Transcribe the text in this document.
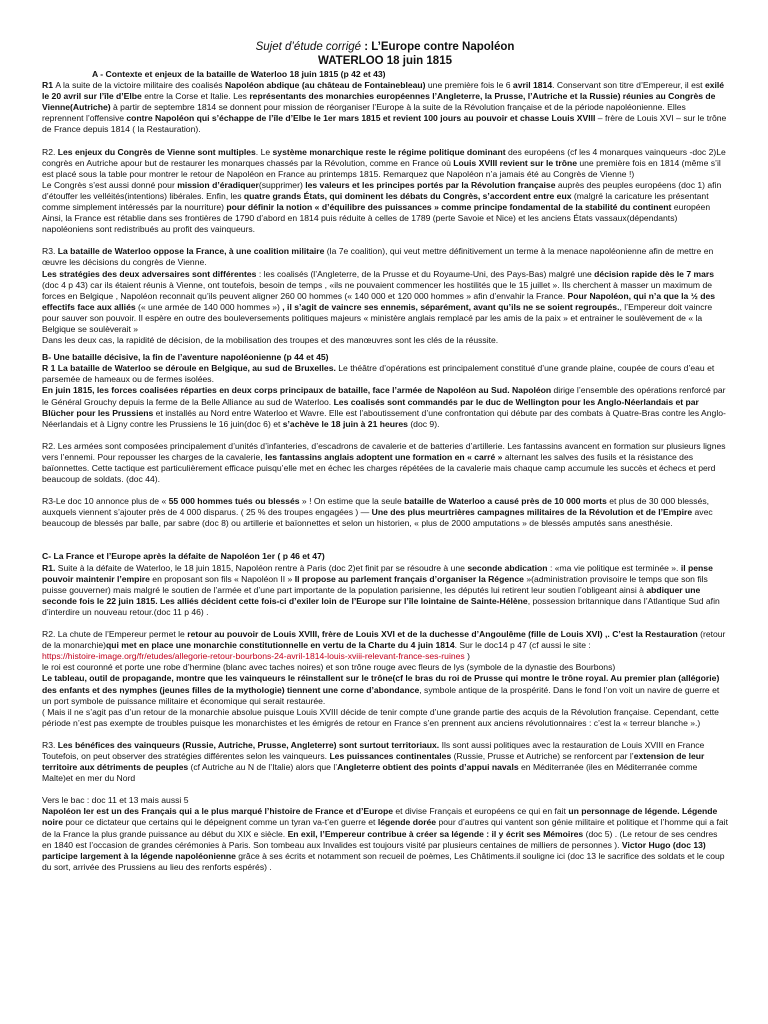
Sujet d’étude corrigé : L’Europe contre Napoléon
WATERLOO 18 juin 1815
A - Contexte et enjeux de la bataille de Waterloo 18 juin 1815 (p 42 et 43)

R1 A la suite de la victoire militaire des coalisés Napoléon abdique (au château de Fontainebleau) une première fois le 6 avril 1814. Conservant son titre d’Empereur, il est exilé le 20 avril sur l’île d’Elbe entre la Corse et Italie. Les représentants des monarchies européennes l’Angleterre, la Prusse, l’Autriche et la Russie) réunies au Congrès de Vienne(Autriche) à partir de septembre 1814 se donnent pour mission de réorganiser l’Europe à la suite de la Révolution française et de la période napoléonienne. Elles reprennent l’offensive contre Napoléon qui s’échappe de l’île d’Elbe le 1er mars 1815 et revient 100 jours au pouvoir et chasse Louis XVIII – frère de Louis XVI – sur le trône de France depuis 1814 ( la Restauration).

R2. Les enjeux du Congrès de Vienne sont multiples. Le système monarchique reste le régime politique dominant des européens (cf les 4 monarques vainqueurs -doc 2)Le congrès en Autriche apour but de restaurer les monarques chassés par la Révolution, comme en France où Louis XVIII revient sur le trône une première fois en 1814 (même s’il est placé sous la table pour montrer le retour de Napoléon en France au printemps 1815. Remarquez que Napoléon n’a jamais été au Congrès de Vienne !)

Le Congrès s’est aussi donné pour mission d’éradiquer(supprimer) les valeurs et les principes portés par la Révolution française auprès des peuples européens (doc 1) afin d’étouffer les velléités(intentions) libérales. Enfin, les quatre grands États, qui dominent les débats du Congrès, s’accordent entre eux (malgré la caricature les présentant comme simplement intéressés par la nourriture) pour définir la notion « d’équilibre des puissances » comme principe fondamental de la stabilité du continent européen Ainsi, la France est rétablie dans ses frontières de 1790 d’abord en 1814 puis réduite à celles de 1789 (perte Savoie et Nice) et les anciens États vassaux(dépendants) napoléoniens sont redistribués au profit des vainqueurs.

R3. La bataille de Waterloo oppose la France, à une coalition militaire (la 7e coalition), qui veut mettre définitivement un terme à la menace napoléonienne afin de mettre en œuvre les décisions du congrès de Vienne.

Les stratégies des deux adversaires sont différentes : les coalisés (l’Angleterre, de la Prusse et du Royaume-Uni, des Pays-Bas) malgré une décision rapide dès le 7 mars (doc 4 p 43) car ils étaient réunis à Vienne, ont toutefois, besoin de temps , «ils ne pouvaient commencer les hostilités que le 15 juillet ». Ils cherchent à masser un maximum de forces en Belgique , Napoléon reconnait qu’ils peuvent aligner 260 00 hommes (« 140 000 et 120 000 hommes » afin d’envahir la France. Pour Napoléon, qui n’a que la ½ des effectifs face aux alliés (« une armée de 140 000 hommes ») , il s’agit de vaincre ses ennemis, séparément, avant qu’ils ne se soient regroupés., l’Empereur doit vaincre pour sauver son pouvoir. Il espère en outre des bouleversements politiques majeurs « ministère anglais remplacé par les amis de la paix » et entrainer le soulèvement de « la Belgique se soulèverait »

Dans les deux cas, la rapidité de décision, de la mobilisation des troupes et des manœuvres sont les clés de la réussite.

B- Une bataille décisive, la fin de l’aventure napoléonienne (p 44 et 45)

R 1 La bataille de Waterloo se déroule en Belgique, au sud de Bruxelles. Le théâtre d’opérations est principalement constitué d’une grande plaine, coupée de cours d’eau et parsemée de hameaux ou de fermes isolées.

En juin 1815, les forces coalisées réparties en deux corps principaux de bataille, face l’armée de Napoléon au Sud. Napoléon dirige l’ensemble des opérations renforcé par le Général Grouchy depuis la ferme de la Belle Alliance au sud de Waterloo. Les coalisés sont commandés par le duc de Wellington pour les Anglo-Néerlandais et par Blücher pour les Prussiens et installés au Nord entre Waterloo et Wavre. Elle est l’aboutissement d’une confrontation qui débute par des combats à Quatre-Bras contre les Anglo-Néerlandais et à Ligny contre les Prussiens le 16 juin(doc 6) et s’achève le 18 juin à 21 heures (doc 9).

R2. Les armées sont composées principalement d’unités d’infanteries, d’escadrons de cavalerie et de batteries d’artillerie. Les fantassins avancent en formation sur plusieurs lignes vers l’ennemi. Pour repousser les charges de la cavalerie, les fantassins anglais adoptent une formation en « carré » alternant les salves des fusils et la résistance des baïonnettes. Cette tactique est particulièrement efficace puisqu’elle met en échec les charges répétées de la cavalerie mais chaque camp accumule les succès et échecs et perd beaucoup de soldats. (doc 44).

R3-Le doc 10 annonce plus de « 55 000 hommes tués ou blessés » ! On estime que la seule bataille de Waterloo a causé près de 10 000 morts et plus de 30 000 blessés, auxquels viennent s’ajouter près de 4 000 disparus. ( 25 % des troupes engagées ) — Une des plus meurtrières campagnes militaires de la Révolution et de l’Empire avec beaucoup de blessés par balle, par sabre (doc 8) ou artillerie et baïonnettes et selon un historien, « plus de 2000 amputations » de blessés amputés sans anesthésie.

C- La France et l’Europe après la défaite de Napoléon 1er ( p 46 et 47)

R1. Suite à la défaite de Waterloo, le 18 juin 1815, Napoléon rentre à Paris (doc 2)et finit par se résoudre à une seconde abdication : «ma vie politique est terminée ». il pense pouvoir maintenir l’empire en proposant son fils « Napoléon II » Il propose au parlement français d’organiser la Régence »(administration provisoire le temps que son fils puisse gouverner) mais malgré le soutien de l’armée et d’une part importante de la population parisienne, les députés lui retirent leur soutien l’obligeant ainsi à abdiquer une seconde fois le 22 juin 1815. Les alliés décident cette fois-ci d’exiler loin de l’Europe sur l’île lointaine de Sainte-Hélène, possession britannique dans l’Atlantique Sud afin d’interdire un nouveau retour.(doc 11 p 46) .

R2. La chute de l’Empereur permet le retour au pouvoir de Louis XVIII, frère de Louis XVI et de la duchesse d’Angoulême (fille de Louis XVI) ,. C’est la Restauration (retour de la monarchie)qui met en place une monarchie constitutionnelle en vertu de la Charte du 4 juin 1814. Sur le doc14 p 47 (cf aussi le site :

https://histoire-image.org/fr/etudes/allegorie-retour-bourbons-24-avril-1814-louis-xviii-relevant-france-ses-ruines )

le roi est couronné et porte une robe d’hermine (blanc avec taches noires) et son trône rouge avec fleurs de lys (symbole de la dynastie des Bourbons)

Le tableau, outil de propagande, montre que les vainqueurs le réinstallent sur le trône(cf le bras du roi de Prusse qui montre le trône royal. Au premier plan (allégorie) des enfants et des nymphes (jeunes filles de la mythologie) tiennent une corne d’abondance, symbole antique de la prospérité. Dans le fond l’on voit un navire de guerre et un port symbole de puissance militaire et économique qui serait restaurée.

( Mais il ne s’agit pas d’un retour de la monarchie absolue puisque Louis XVIII décide de tenir compte d’une grande partie des acquis de la Révolution française. Cependant, cette période n’est pas exempte de troubles puisque les monarchistes et les émigrés de retour en France s’en prennent aux anciens révolutionnaires : c’est la « terreur blanche ».)

R3. Les bénéfices des vainqueurs (Russie, Autriche, Prusse, Angleterre) sont surtout territoriaux. Ils sont aussi politiques avec la restauration de Louis XVIII en France Toutefois, on peut observer des stratégies différentes selon les vainqueurs. Les puissances continentales (Russie, Prusse et Autriche) se renforcent par l’extension de leur territoire aux détriments de peuples (cf Autriche au N de l’Italie) alors que l’Angleterre obtient des points d’appui navals en Méditerranée (iles en Méditerranée comme Malte)et en mer du Nord

Vers le bac : doc 11 et 13 mais aussi 5

Napoléon Ier est un des Français qui a le plus marqué l’histoire de France et d’Europe et divise Français et européens ce qui en fait un personnage de légende. Légende noire pour ce dictateur que certains qui le dépeignent comme un tyran va-t’en guerre et légende dorée pour d’autres qui vantent son génie militaire et politique et l’homme qui a fait de la France la plus grande puissance au début du XIX e siècle. En exil, l’Empereur contribue à créer sa légende : il y écrit ses Mémoires (doc 5) . (Le retour de ses cendres en 1840 est l’occasion de grandes cérémonies à Paris. Son tombeau aux Invalides est toujours visité par plusieurs centaines de milliers de personnes ). Victor Hugo (doc 13) participe largement à la légende napoléonienne grâce à ses écrits et notamment son recueil de poèmes, Les Châtiments.il souligne ici (doc 13 le sacrifice des soldats et le coup du sort, arrivée des Prussiens au lieu des renforts espérés) .
